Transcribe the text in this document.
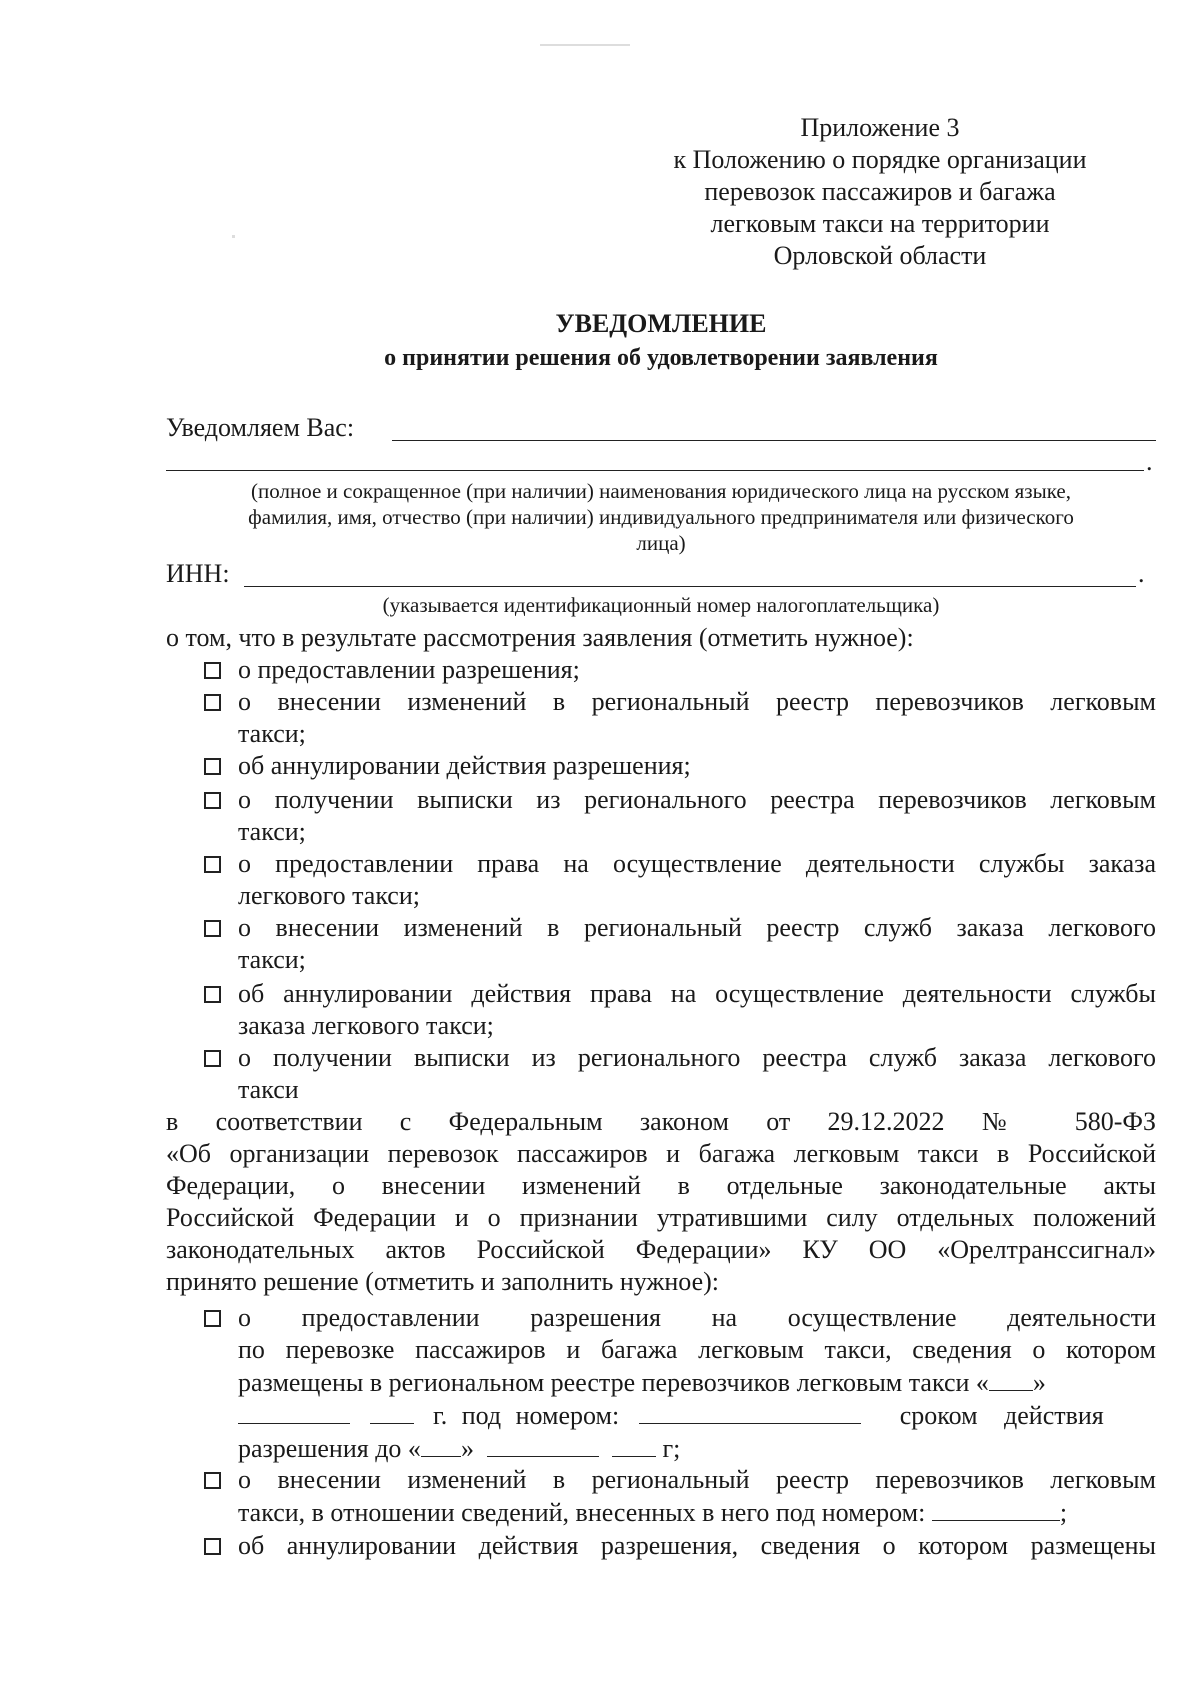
Приложение 3
к Положению о порядке организации
перевозок пассажиров и багажа
легковым такси на территории
Орловской области
УВЕДОМЛЕНИЕ
о принятии решения об удовлетворении заявления
Уведомляем Вас:
.
(полное и сокращенное (при наличии) наименования юридического лица на русском языке,
фамилия, имя, отчество (при наличии) индивидуального предпринимателя или физического
лица)
ИНН:	.
(указывается идентификационный номер налогоплательщика)
о том, что в результате рассмотрения заявления (отметить нужное):
о предоставлении разрешения;
о внесении изменений в региональный реестр перевозчиков легковым
такси;
об аннулировании действия разрешения;
о получении выписки из регионального реестра перевозчиков легковым
такси;
о предоставлении права на осуществление деятельности службы заказа
легкового такси;
о внесении изменений в региональный реестр служб заказа легкового
такси;
об аннулировании действия права на осуществление деятельности службы
заказа легкового такси;
о получении выписки из регионального реестра служб заказа легкового
такси
в соответствии с Федеральным законом от 29.12.2022 № 580-ФЗ
«Об организации перевозок пассажиров и багажа легковым такси в Российской
Федерации, о внесении изменений в отдельные законодательные акты
Российской Федерации и о признании утратившими силу отдельных положений
законодательных актов Российской Федерации» КУ ОО «Орелтранссигнал»
принято решение (отметить и заполнить нужное):
о предоставлении разрешения на осуществление деятельности
по перевозке пассажиров и багажа легковым такси, сведения о котором
размещены в региональном реестре перевозчиков легковым такси « »
г. под номером:	сроком действия
разрешения до « »	г;
о внесении изменений в региональный реестр перевозчиков легковым
такси, в отношении сведений, внесенных в него под номером:	;
об аннулировании действия разрешения, сведения о котором размещены
